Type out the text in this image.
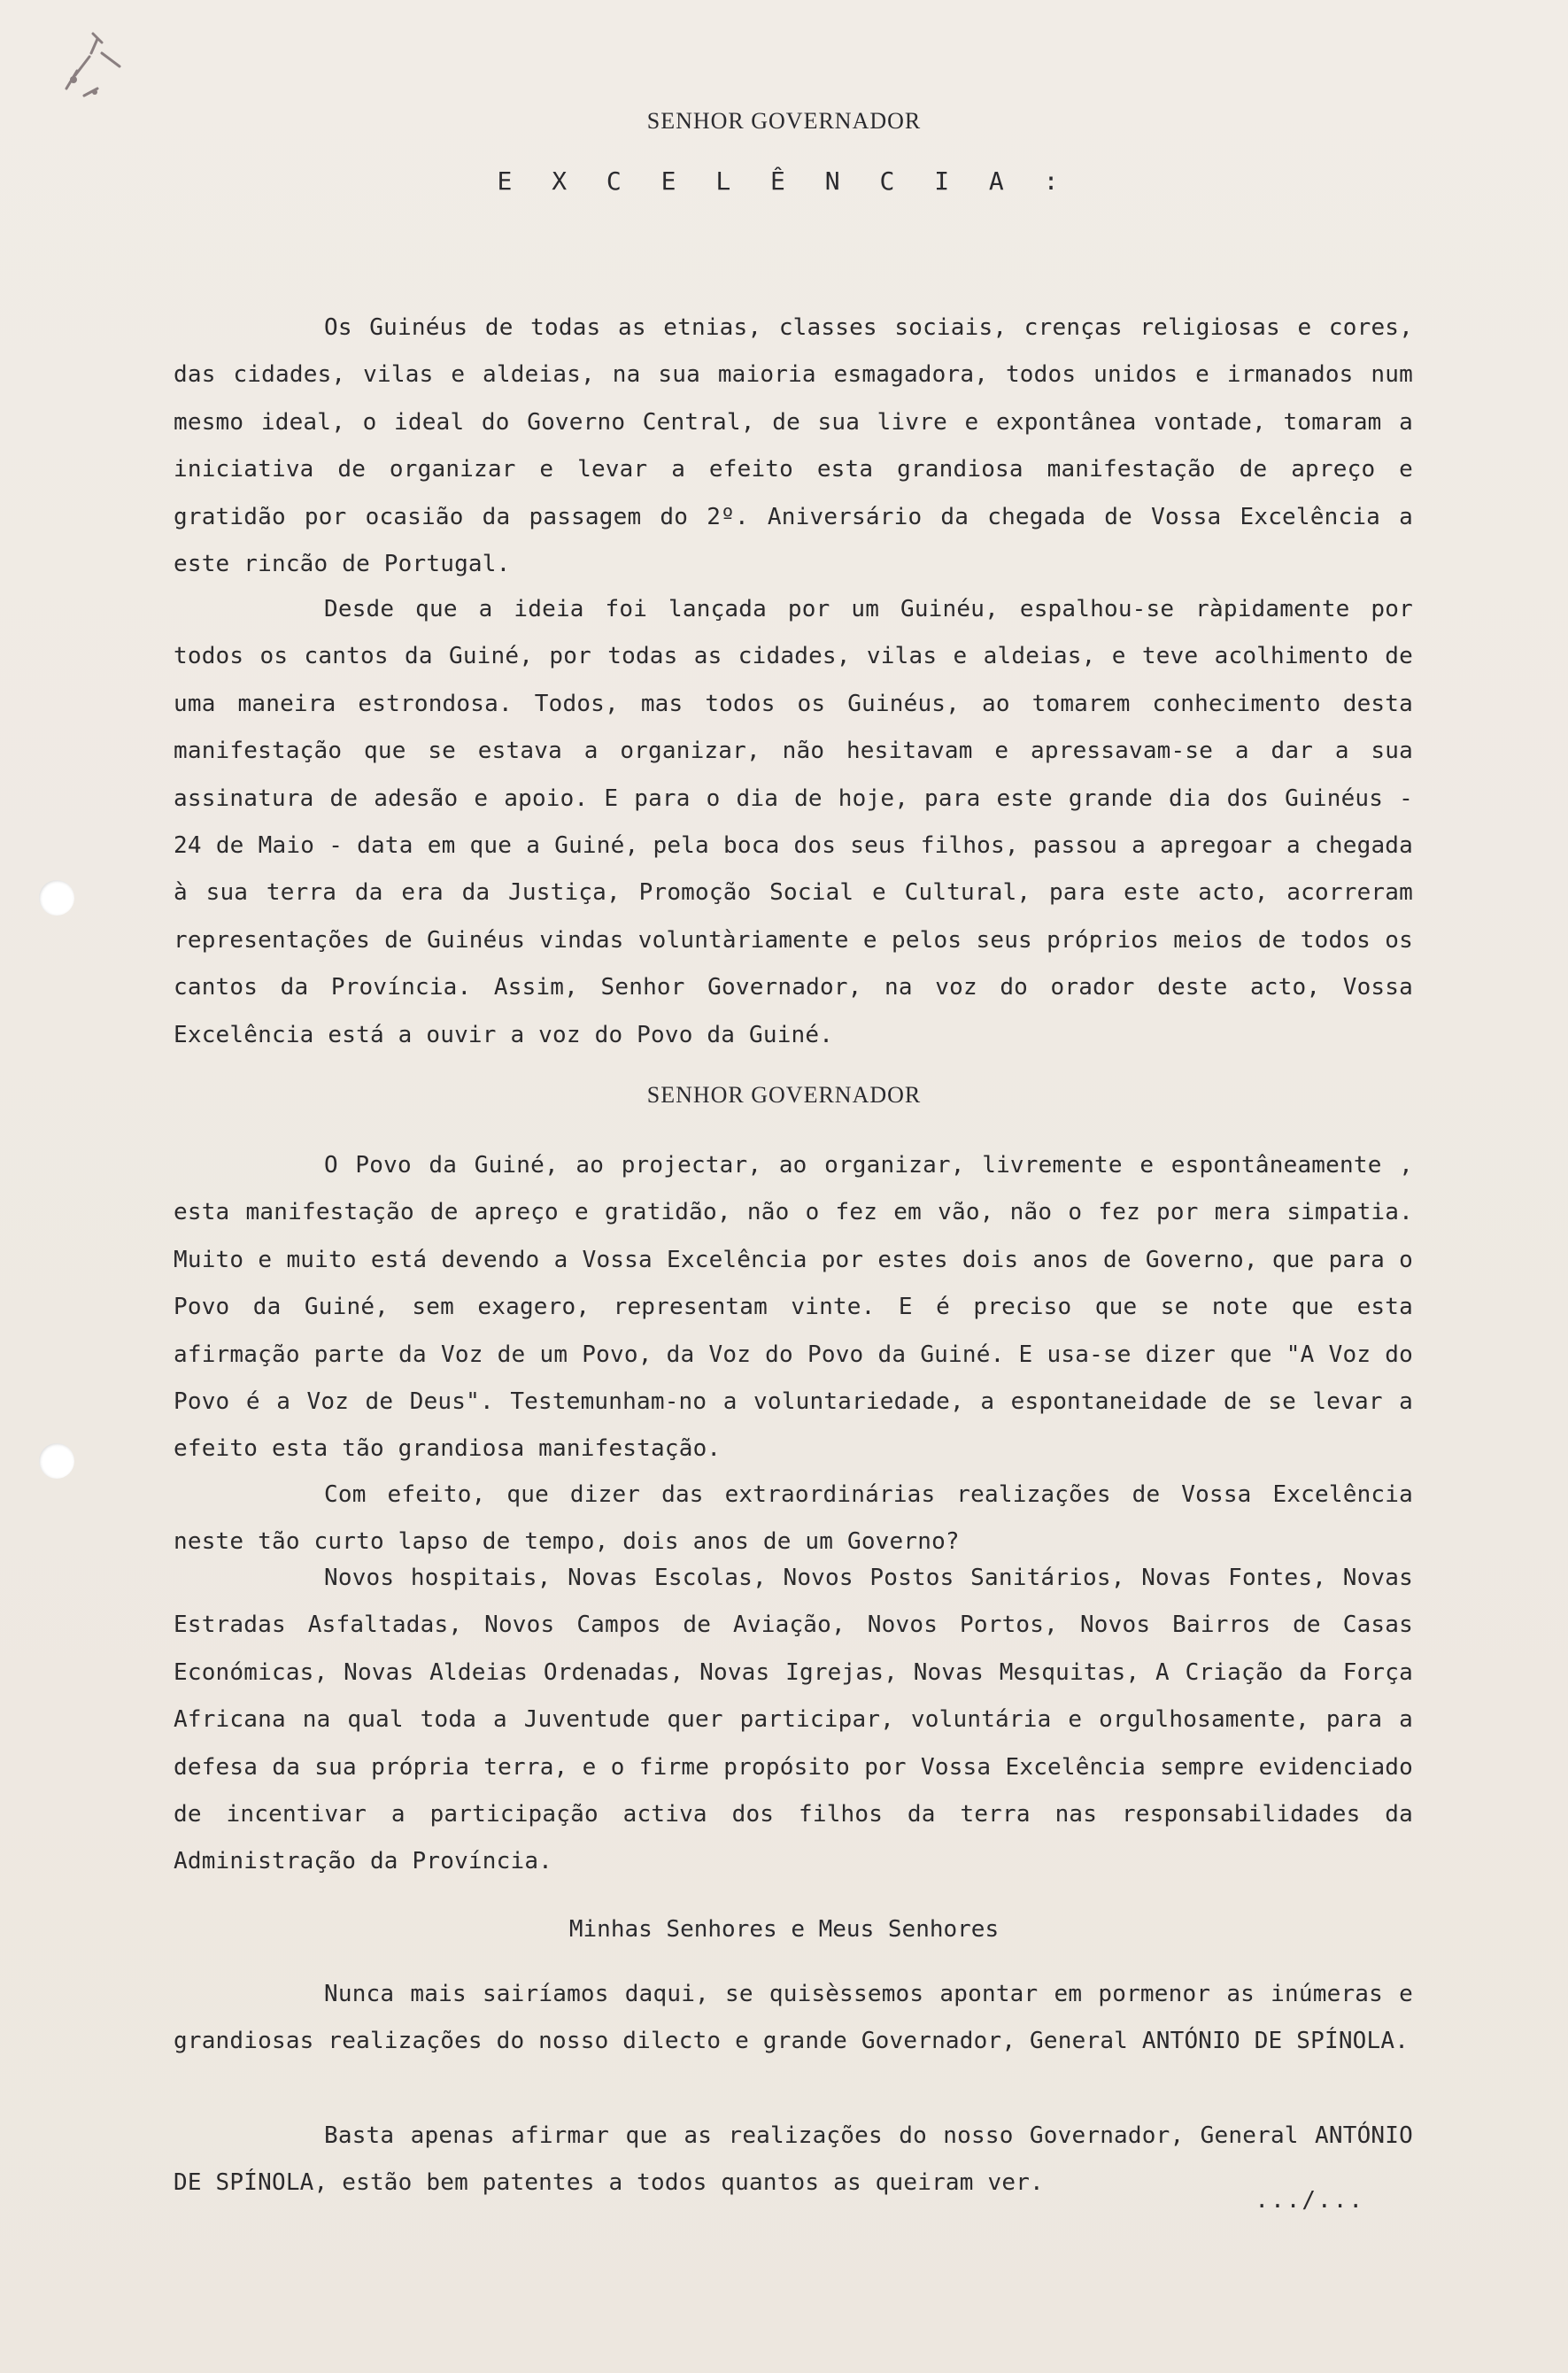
SENHOR GOVERNADOR
E X C E L Ê N C I A :

Os Guinéus de todas as etnias, classes sociais, crenças religiosas e cores, das cidades, vilas e aldeias, na sua maioria esmagadora, todos unidos e irmanados num mesmo ideal, o ideal do Governo Central, de sua livre e expontânea vontade, tomaram a iniciativa de organizar e levar a efeito esta grandiosa manifestação de apreço e gratidão por ocasião da passagem do 2º. Aniversário da chegada de Vossa Excelência a este rincão de Portugal.

Desde que a ideia foi lançada por um Guinéu, espalhou-se ràpidamente por todos os cantos da Guiné, por todas as cidades, vilas e aldeias, e teve acolhimento de uma maneira estrondosa. Todos, mas todos os Guinéus, ao tomarem conhecimento desta manifestação que se estava a organizar, não hesitavam e apressavam-se a dar a sua assinatura de adesão e apoio. E para o dia de hoje, para este grande dia dos Guinéus - 24 de Maio - data em que a Guiné, pela boca dos seus filhos, passou a apregoar a chegada à sua terra da era da Justiça, Promoção Social e Cultural, para este acto, acorreram representações de Guinéus vindas voluntàriamente e pelos seus próprios meios de todos os cantos da Província. Assim, Senhor Governador, na voz do orador deste acto, Vossa Excelência está a ouvir a voz do Povo da Guiné.

SENHOR GOVERNADOR

O Povo da Guiné, ao projectar, ao organizar, livremente e espontâneamente , esta manifestação de apreço e gratidão, não o fez em vão, não o fez por mera simpatia. Muito e muito está devendo a Vossa Excelência por estes dois anos de Governo, que para o Povo da Guiné, sem exagero, representam vinte. E é preciso que se note que esta afirmação parte da Voz de um Povo, da Voz do Povo da Guiné. E usa-se dizer que "A Voz do Povo é a Voz de Deus". Testemunham-no a voluntariedade, a espontaneidade de se levar a efeito esta tão grandiosa manifestação.

Com efeito, que dizer das extraordinárias realizações de Vossa Excelência neste tão curto lapso de tempo, dois anos de um Governo?

Novos hospitais, Novas Escolas, Novos Postos Sanitários, Novas Fontes, Novas Estradas Asfaltadas, Novos Campos de Aviação, Novos Portos, Novos Bairros de Casas Económicas, Novas Aldeias Ordenadas, Novas Igrejas, Novas Mesquitas, A Criação da Força Africana na qual toda a Juventude quer participar, voluntária e orgulhosamente, para a defesa da sua própria terra, e o firme propósito por Vossa Excelência sempre evidenciado de incentivar a participação activa dos filhos da terra nas responsabilidades da Administração da Província.

Minhas Senhores e Meus Senhores

Nunca mais sairíamos daqui, se quisèssemos apontar em pormenor as inúmeras e grandiosas realizações do nosso dilecto e grande Governador, General ANTÓNIO DE SPÍNOLA.

Basta apenas afirmar que as realizações do nosso Governador, General ANTÓNIO DE SPÍNOLA, estão bem patentes a todos quantos as queiram ver.

.../...
